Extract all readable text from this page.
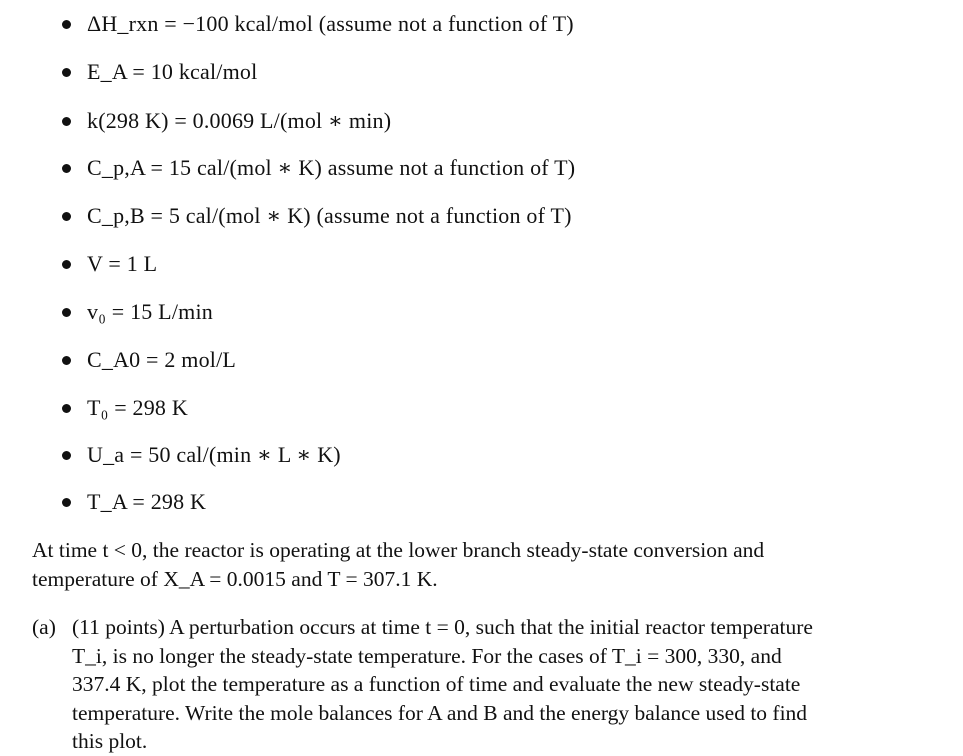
ΔH_rxn = −100 kcal/mol (assume not a function of T)
E_A = 10 kcal/mol
k(298 K) = 0.0069 L/(mol ∗ min)
C_p,A = 15 cal/(mol ∗ K) assume not a function of T)
C_p,B = 5 cal/(mol ∗ K) (assume not a function of T)
V = 1 L
v₀ = 15 L/min
C_A0 = 2 mol/L
T₀ = 298 K
U_a = 50 cal/(min ∗ L ∗ K)
T_A = 298 K
At time t < 0, the reactor is operating at the lower branch steady-state conversion and
temperature of X_A = 0.0015 and T = 307.1 K.
(a) (11 points) A perturbation occurs at time t = 0, such that the initial reactor temperature
T_i, is no longer the steady-state temperature. For the cases of T_i = 300, 330, and
337.4 K, plot the temperature as a function of time and evaluate the new steady-state
temperature. Write the mole balances for A and B and the energy balance used to find
this plot.
